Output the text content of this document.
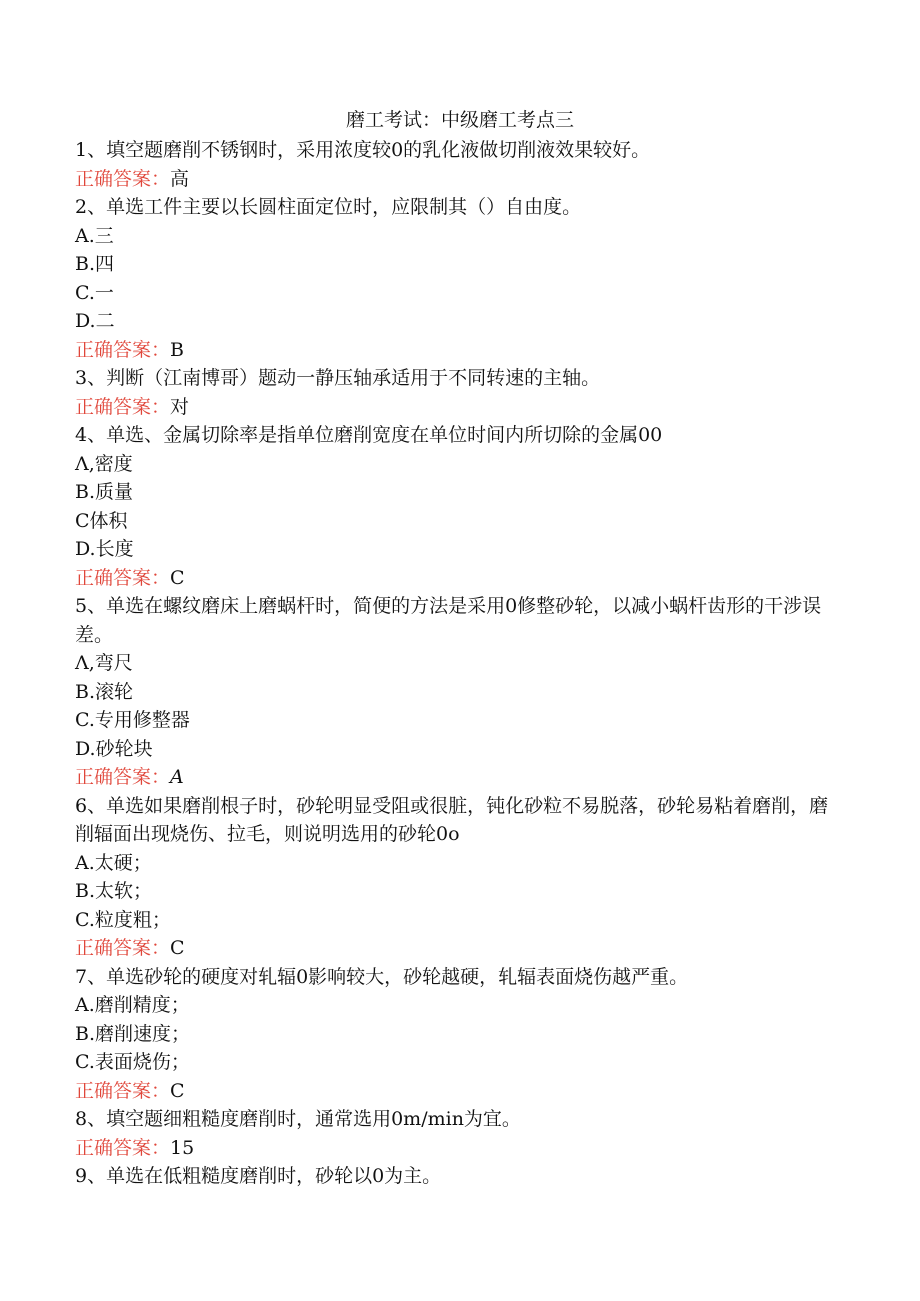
磨工考试：中级磨工考点三
1、填空题磨削不锈钢时，采用浓度较0的乳化液做切削液效果较好。
正确答案：高
2、单选工件主要以长圆柱面定位时，应限制其（）自由度。
A.三
B.四
C.一
D.二
正确答案：B
3、判断（江南博哥）题动一静压轴承适用于不同转速的主轴。
正确答案：对
4、单选、金属切除率是指单位磨削宽度在单位时间内所切除的金属00
Λ,密度
B.质量
C体积
D.长度
正确答案：C
5、单选在螺纹磨床上磨蜗杆时，简便的方法是采用0修整砂轮，以减小蜗杆齿形的干涉误差。
Λ,弯尺
B.滚轮
C.专用修整器
D.砂轮块
正确答案：A
6、单选如果磨削根子时，砂轮明显受阻或很脏，钝化砂粒不易脱落，砂轮易粘着磨削，磨削辐面出现烧伤、拉毛，则说明选用的砂轮0o
A.太硬；
B.太软；
C.粒度粗；
正确答案：C
7、单选砂轮的硬度对轧辐0影响较大，砂轮越硬，轧辐表面烧伤越严重。
A.磨削精度；
B.磨削速度；
C.表面烧伤；
正确答案：C
8、填空题细粗糙度磨削时，通常选用0m/min为宜。
正确答案：15
9、单选在低粗糙度磨削时，砂轮以0为主。
